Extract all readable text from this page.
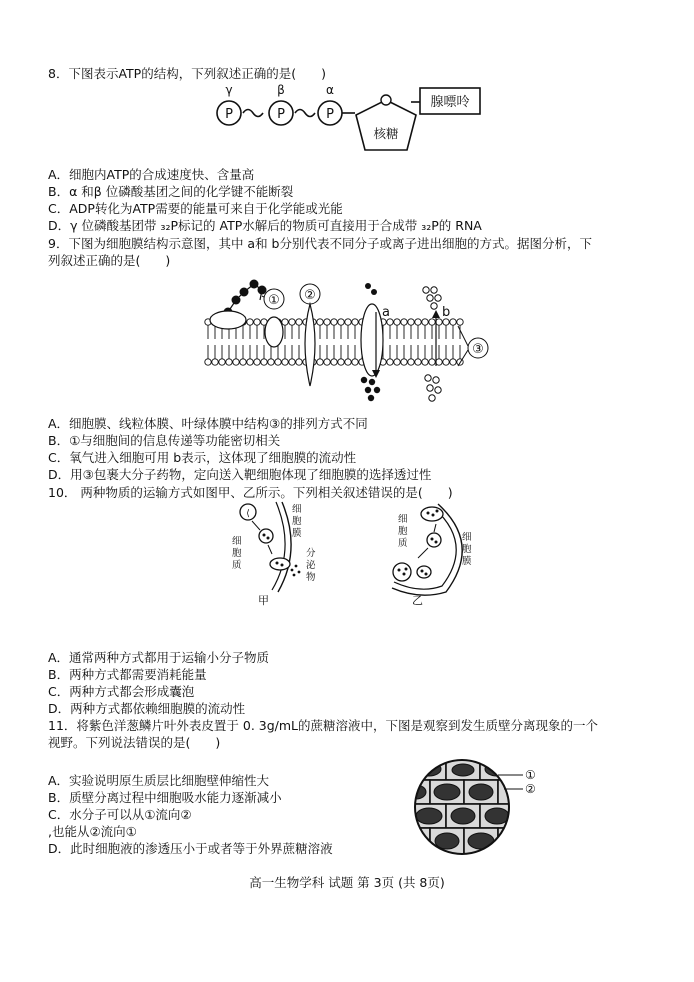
8．下图表示ATP的结构，下列叙述正确的是(　　)
γ	β	α
P	P	P
核糖
腺嘌呤
A．细胞内ATP的合成速度快、含量高
B．α 和β 位磷酸基团之间的化学键不能断裂
C．ADP转化为ATP需要的能量可来自于化学能或光能
D．γ 位磷酸基团带 ₃₂P标记的 ATP水解后的物质可直接用于合成带 ₃₂P的 RNA
9．下图为细胞膜结构示意图，其中 a和 b分别代表不同分子或离子进出细胞的方式。据图分析，下
列叙述正确的是(　　)
① ②
a	b
③
A．细胞膜、线粒体膜、叶绿体膜中结构③的排列方式不同
B．①与细胞间的信息传递等功能密切相关
C．氧气进入细胞可用 b表示，这体现了细胞膜的流动性
D．用③包裹大分子药物，定向送入靶细胞体现了细胞膜的选择透过性
10． 两种物质的运输方式如图甲、乙所示。下列相关叙述错误的是(　　)
⟨	细
胞
膜
细
胞
质
分
泌
物
甲
细
胞
质
细
胞
膜
乙
A．通常两种方式都用于运输小分子物质
B．两种方式都需要消耗能量
C．两种方式都会形成囊泡
D．两种方式都依赖细胞膜的流动性
11．将紫色洋葱鳞片叶外表皮置于 0. 3g/mL的蔗糖溶液中，下图是观察到发生质壁分离现象的一个
视野。下列说法错误的是(　　)
A．实验说明原生质层比细胞壁伸缩性大
B．质壁分离过程中细胞吸水能力逐渐减小
C．水分子可以从①流向②
,也能从②流向①
D．此时细胞液的渗透压小于或者等于外界蔗糖溶液
①
②
高一生物学科 试题 第 3页 (共 8页)
